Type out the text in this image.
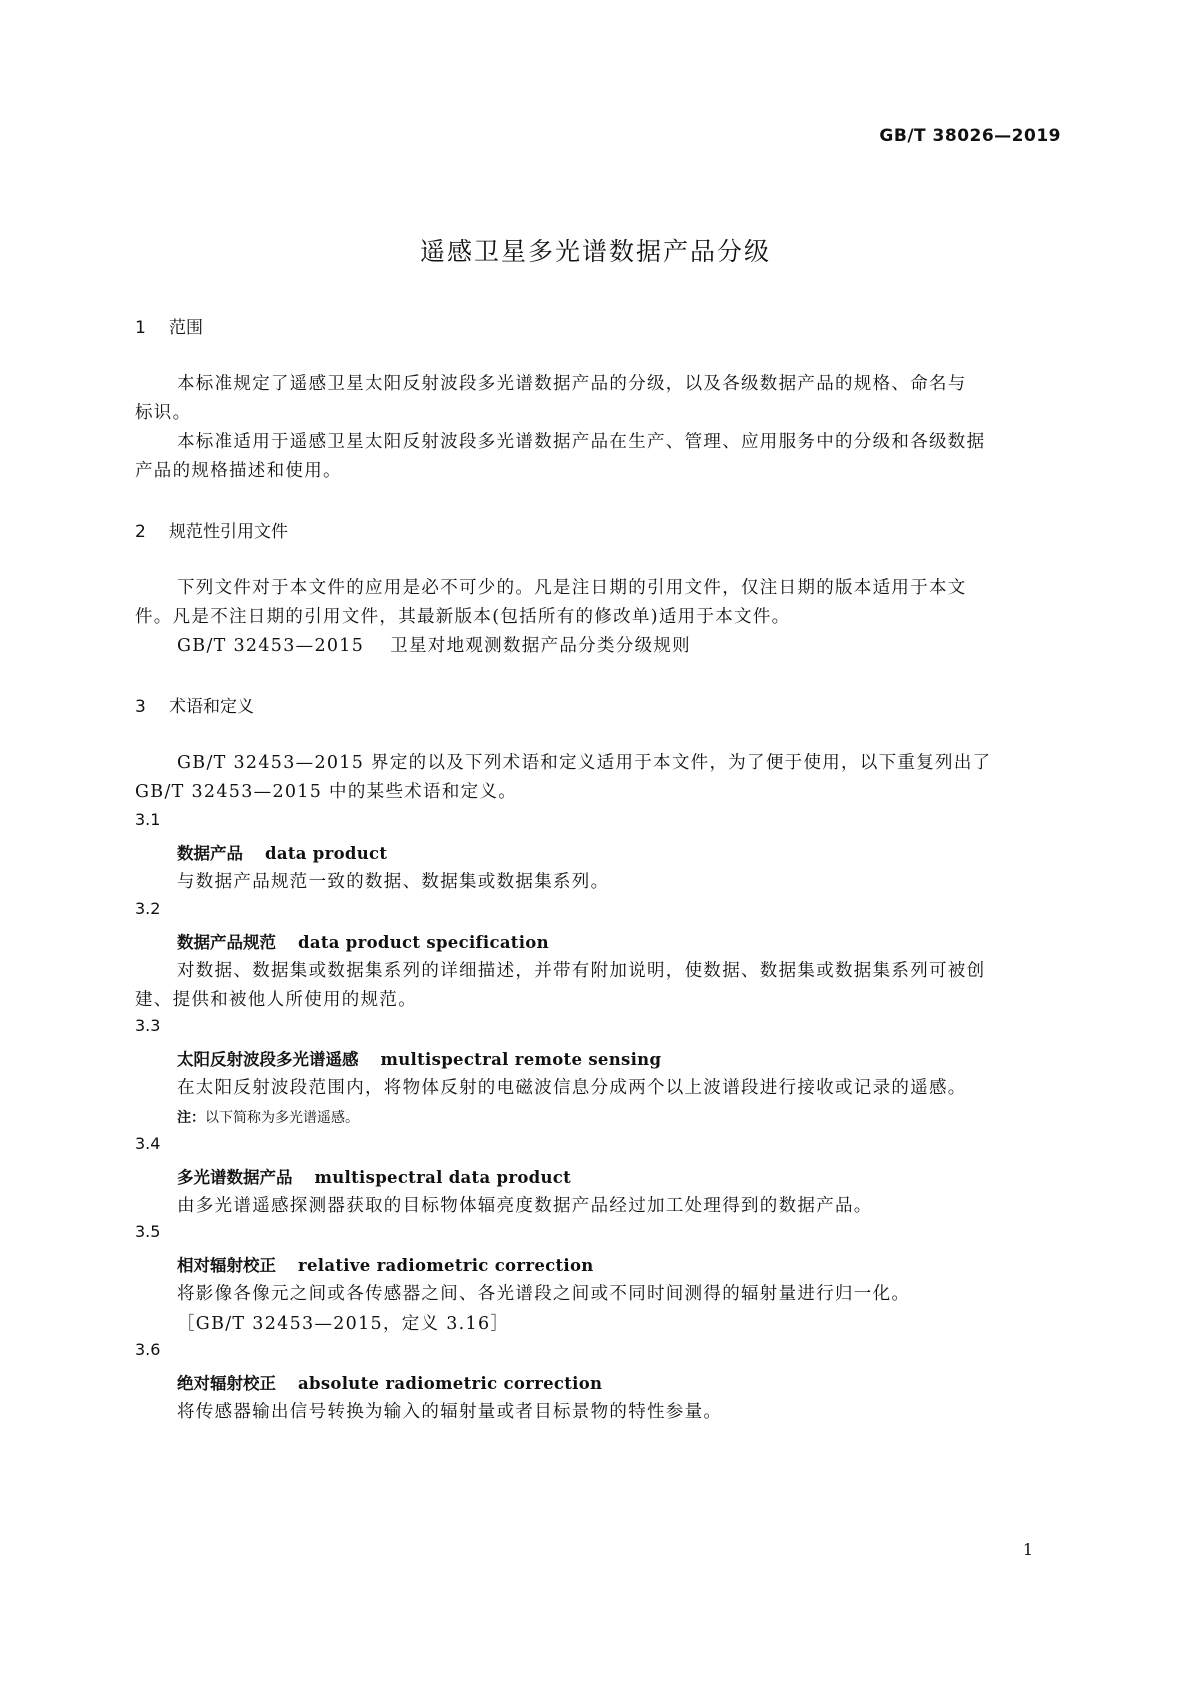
GB/T 38026—2019
遥感卫星多光谱数据产品分级
1 范围
本标准规定了遥感卫星太阳反射波段多光谱数据产品的分级，以及各级数据产品的规格、命名与
标识。
本标准适用于遥感卫星太阳反射波段多光谱数据产品在生产、管理、应用服务中的分级和各级数据
产品的规格描述和使用。
2 规范性引用文件
下列文件对于本文件的应用是必不可少的。凡是注日期的引用文件，仅注日期的版本适用于本文
件。凡是不注日期的引用文件，其最新版本(包括所有的修改单)适用于本文件。
GB/T 32453—2015 卫星对地观测数据产品分类分级规则
3 术语和定义
GB/T 32453—2015 界定的以及下列术语和定义适用于本文件，为了便于使用，以下重复列出了
GB/T 32453—2015 中的某些术语和定义。
3.1
数据产品 data product
与数据产品规范一致的数据、数据集或数据集系列。
3.2
数据产品规范 data product specification
对数据、数据集或数据集系列的详细描述，并带有附加说明，使数据、数据集或数据集系列可被创
建、提供和被他人所使用的规范。
3.3
太阳反射波段多光谱遥感 multispectral remote sensing
在太阳反射波段范围内，将物体反射的电磁波信息分成两个以上波谱段进行接收或记录的遥感。
注：以下简称为多光谱遥感。
3.4
多光谱数据产品 multispectral data product
由多光谱遥感探测器获取的目标物体辐亮度数据产品经过加工处理得到的数据产品。
3.5
相对辐射校正 relative radiometric correction
将影像各像元之间或各传感器之间、各光谱段之间或不同时间测得的辐射量进行归一化。
［GB/T 32453—2015，定义 3.16］
3.6
绝对辐射校正 absolute radiometric correction
将传感器输出信号转换为输入的辐射量或者目标景物的特性参量。
1
